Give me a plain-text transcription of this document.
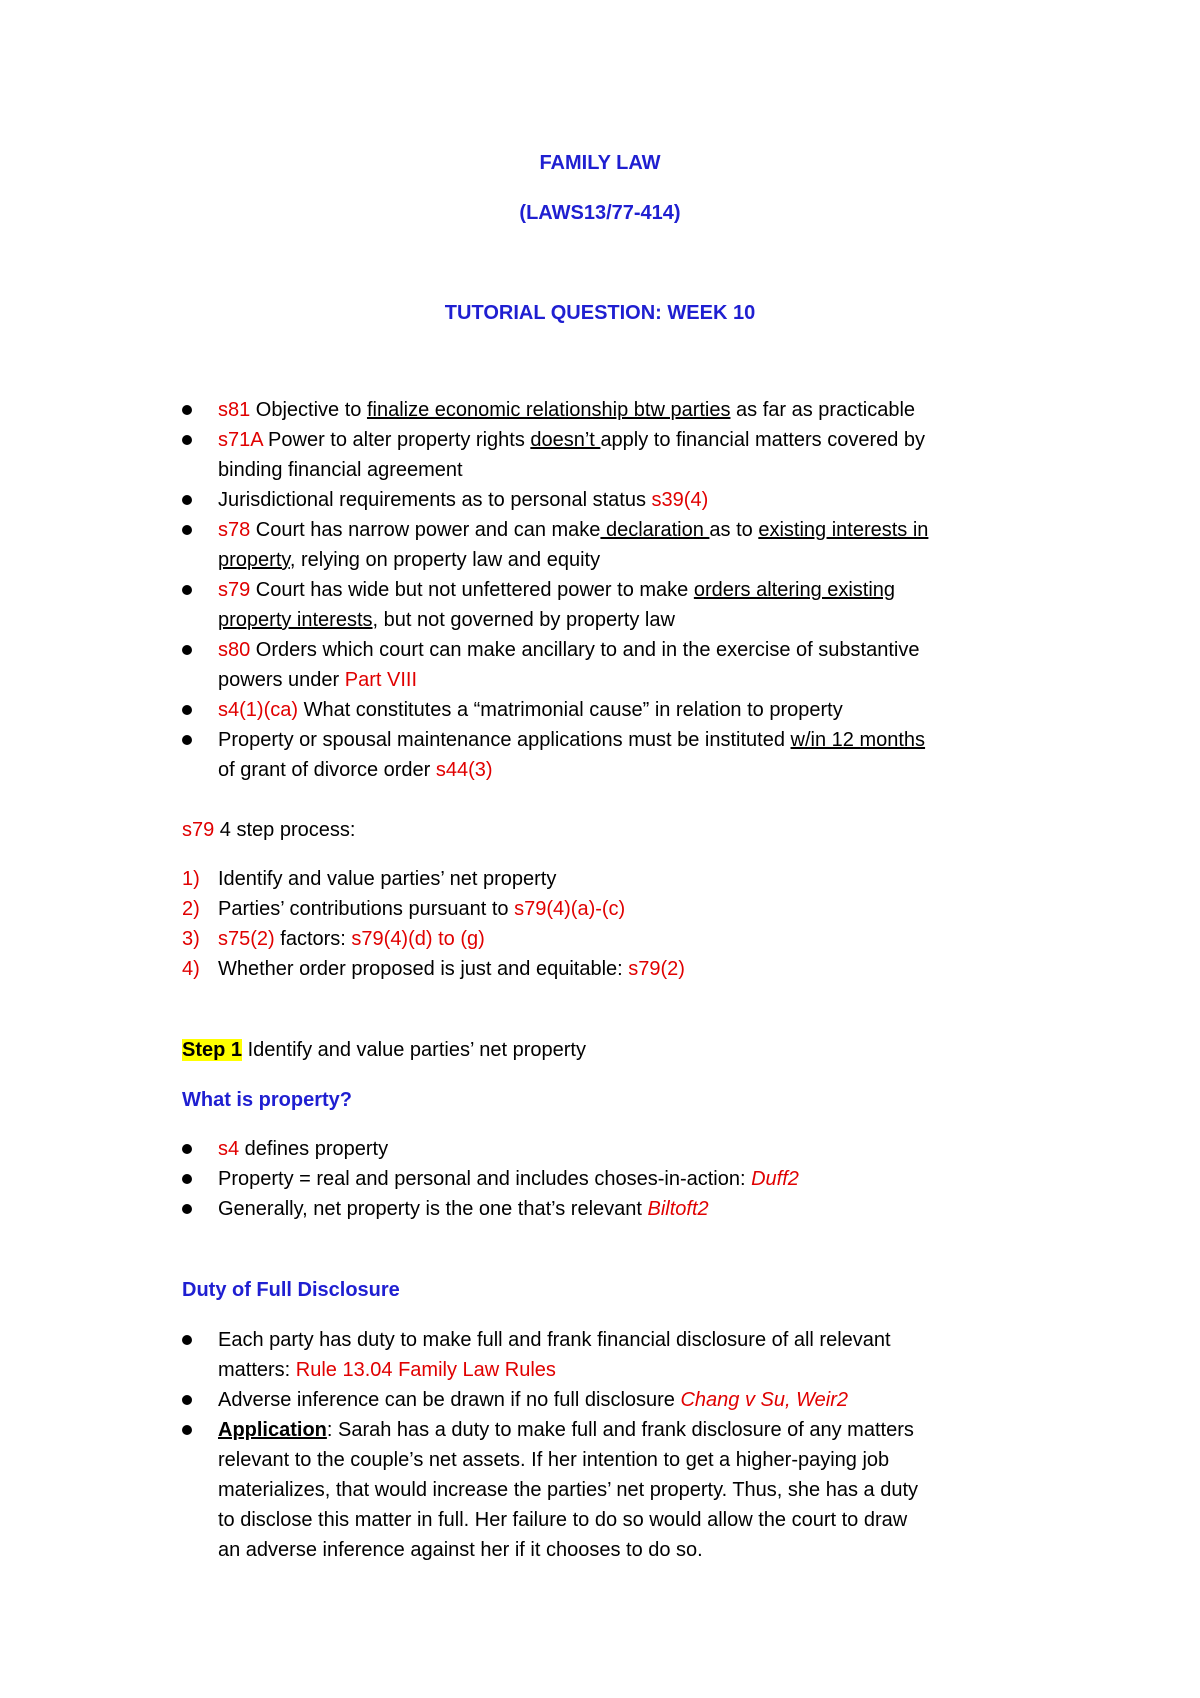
FAMILY LAW
(LAWS13/77-414)
TUTORIAL QUESTION: WEEK 10
s81 Objective to finalize economic relationship btw parties as far as practicable
s71A Power to alter property rights doesn’t apply to financial matters covered by
binding financial agreement
Jurisdictional requirements as to personal status s39(4)
s78 Court has narrow power and can make declaration as to existing interests in
property, relying on property law and equity
s79 Court has wide but not unfettered power to make orders altering existing
property interests, but not governed by property law
s80 Orders which court can make ancillary to and in the exercise of substantive
powers under Part VIII
s4(1)(ca) What constitutes a “matrimonial cause” in relation to property
Property or spousal maintenance applications must be instituted w/in 12 months
of grant of divorce order s44(3)
s79 4 step process:
1) Identify and value parties’ net property
2) Parties’ contributions pursuant to s79(4)(a)-(c)
3) s75(2) factors: s79(4)(d) to (g)
4) Whether order proposed is just and equitable: s79(2)
Step 1 Identify and value parties’ net property
What is property?
s4 defines property
Property = real and personal and includes choses-in-action: Duff2
Generally, net property is the one that’s relevant Biltoft2
Duty of Full Disclosure
Each party has duty to make full and frank financial disclosure of all relevant
matters: Rule 13.04 Family Law Rules
Adverse inference can be drawn if no full disclosure Chang v Su, Weir2
Application: Sarah has a duty to make full and frank disclosure of any matters
relevant to the couple’s net assets. If her intention to get a higher-paying job
materializes, that would increase the parties’ net property. Thus, she has a duty
to disclose this matter in full. Her failure to do so would allow the court to draw
an adverse inference against her if it chooses to do so.
